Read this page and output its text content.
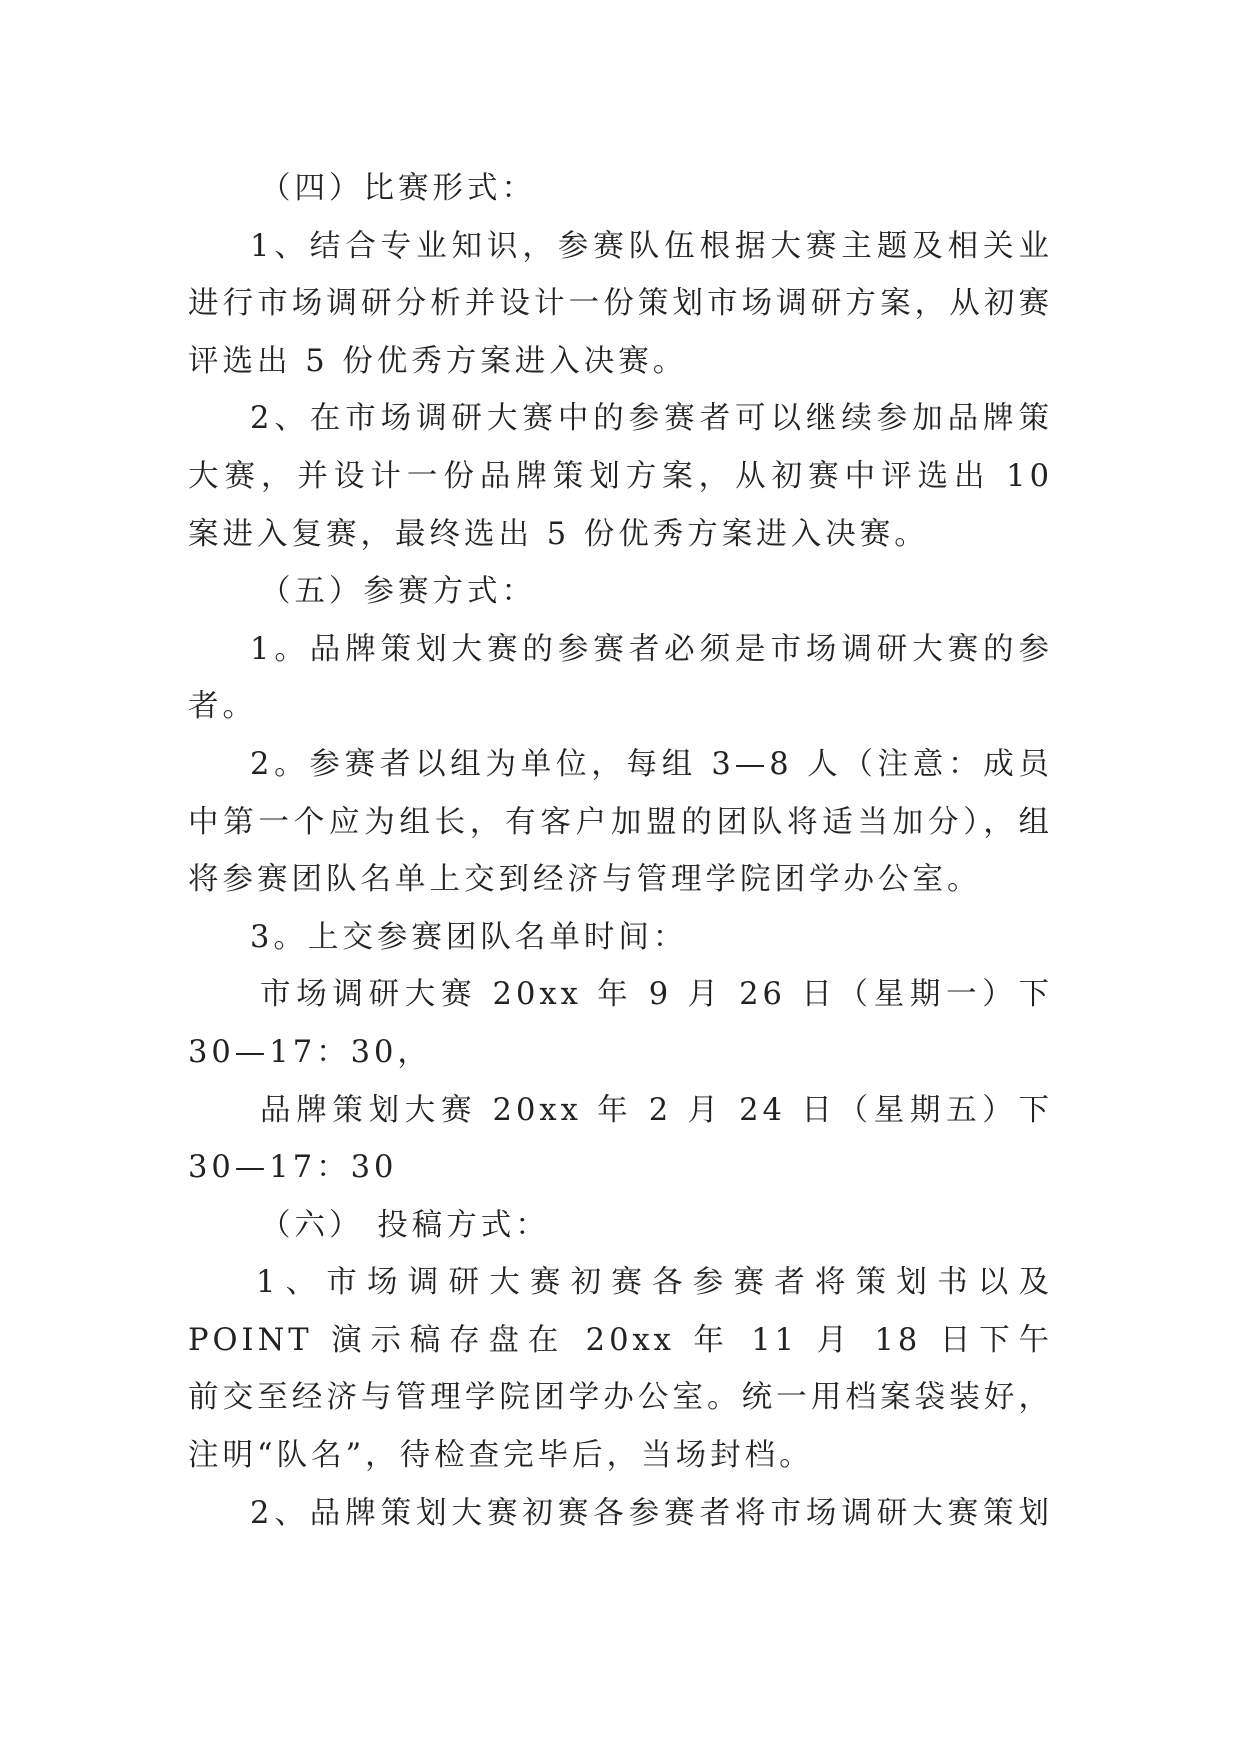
（四）比赛形式：
1、结合专业知识，参赛队伍根据大赛主题及相关业
进行市场调研分析并设计一份策划市场调研方案，从初赛
评选出 5 份优秀方案进入决赛。
2、在市场调研大赛中的参赛者可以继续参加品牌策
大赛，并设计一份品牌策划方案，从初赛中评选出 10
案进入复赛，最终选出 5 份优秀方案进入决赛。
（五）参赛方式：
1。品牌策划大赛的参赛者必须是市场调研大赛的参
者。
2。参赛者以组为单位，每组 3—8 人（注意：成员
中第一个应为组长，有客户加盟的团队将适当加分），组
将参赛团队名单上交到经济与管理学院团学办公室。
3。上交参赛团队名单时间：
市场调研大赛 20xx 年 9 月 26 日（星期一）下
30—17：30，
品牌策划大赛 20xx 年 2 月 24 日（星期五）下
30—17：30
（六） 投稿方式：
1、市场调研大赛初赛各参赛者将策划书以及
POINT 演示稿存盘在 20xx 年 11 月 18 日下午
前交至经济与管理学院团学办公室。统一用档案袋装好，
注明“队名”，待检查完毕后，当场封档。
2、品牌策划大赛初赛各参赛者将市场调研大赛策划
